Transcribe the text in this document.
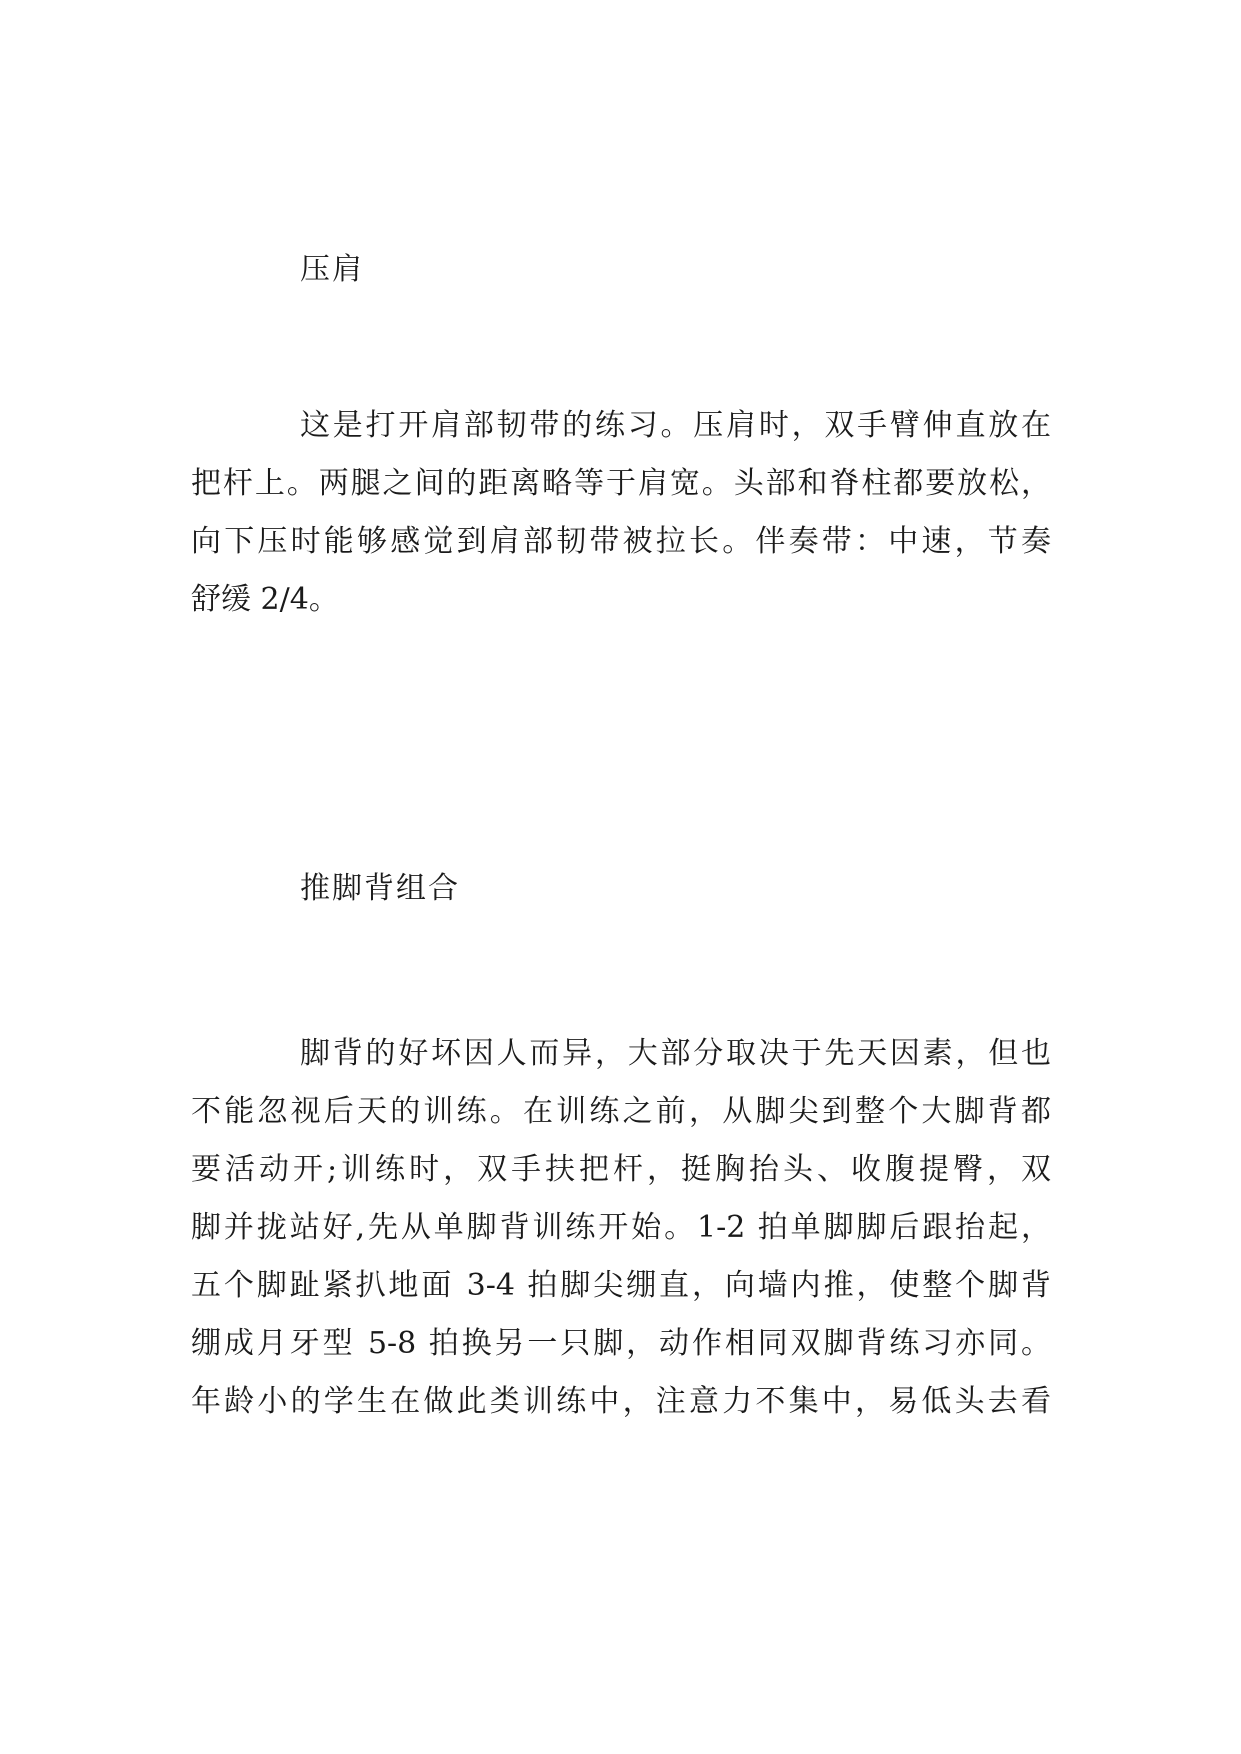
压肩
这是打开肩部韧带的练习。压肩时，双手臂伸直放在
把杆上。两腿之间的距离略等于肩宽。头部和脊柱都要放松，
向下压时能够感觉到肩部韧带被拉长。伴奏带：中速，节奏
舒缓 2/4。
推脚背组合
脚背的好坏因人而异，大部分取决于先天因素，但也
不能忽视后天的训练。在训练之前，从脚尖到整个大脚背都
要活动开;训练时，双手扶把杆，挺胸抬头、收腹提臀，双
脚并拢站好,先从单脚背训练开始。1-2 拍单脚脚后跟抬起，
五个脚趾紧扒地面 3-4 拍脚尖绷直，向墙内推，使整个脚背
绷成月牙型 5-8 拍换另一只脚，动作相同双脚背练习亦同。
年龄小的学生在做此类训练中，注意力不集中，易低头去看
